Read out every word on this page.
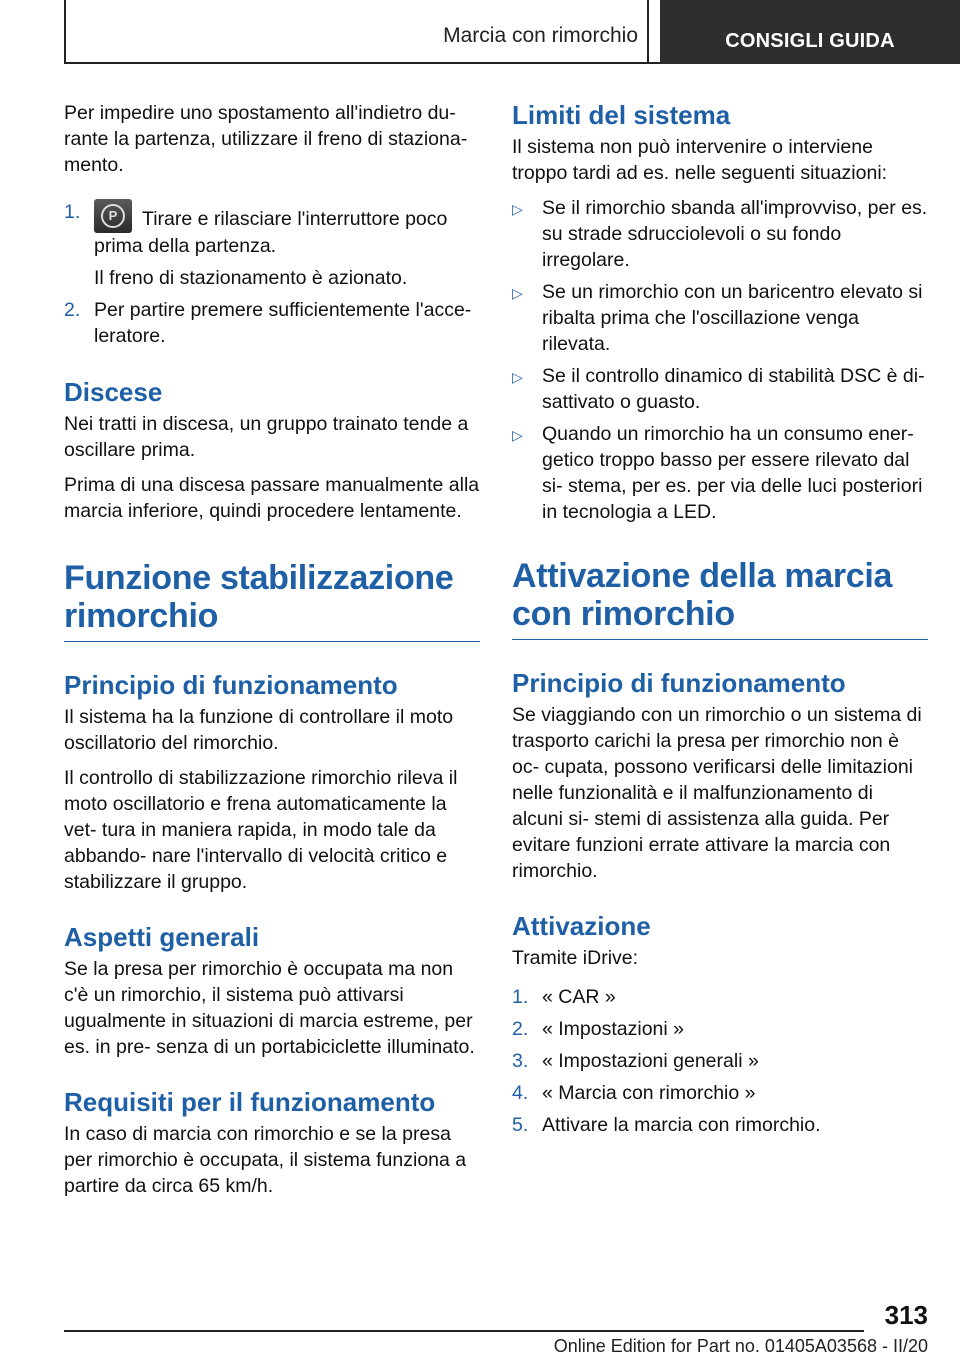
Marcia con rimorchio	CONSIGLI GUIDA

Per impedire uno spostamento all'indietro du- rante la partenza, utilizzare il freno di staziona- mento.

1.	P	Tirare e rilasciare l'interruttore poco prima della partenza.

Il freno di stazionamento è azionato.

2. Per partire premere sufficientemente l'acce- leratore.
Discese

Nei tratti in discesa, un gruppo trainato tende a oscillare prima.

Prima di una discesa passare manualmente alla marcia inferiore, quindi procedere lentamente.

Funzione stabilizzazione rimorchio
Principio di funzionamento

Il sistema ha la funzione di controllare il moto oscillatorio del rimorchio.

Il controllo di stabilizzazione rimorchio rileva il moto oscillatorio e frena automaticamente la vet- tura in maniera rapida, in modo tale da abbando- nare l'intervallo di velocità critico e stabilizzare il gruppo.

Aspetti generali

Se la presa per rimorchio è occupata ma non c'è un rimorchio, il sistema può attivarsi ugualmente in situazioni di marcia estreme, per es. in pre- senza di un portabiciclette illuminato.

Requisiti per il funzionamento

In caso di marcia con rimorchio e se la presa per rimorchio è occupata, il sistema funziona a partire da circa 65 km/h.

Limiti del sistema

Il sistema non può intervenire o interviene troppo tardi ad es. nelle seguenti situazioni:

▷ Se il rimorchio sbanda all'improvviso, per es. su strade sdrucciolevoli o su fondo irregolare.
▷ Se un rimorchio con un baricentro elevato si ribalta prima che l'oscillazione venga rilevata.
▷ Se il controllo dinamico di stabilità DSC è di- sattivato o guasto.
▷ Quando un rimorchio ha un consumo ener- getico troppo basso per essere rilevato dal si- stema, per es. per via delle luci posteriori in tecnologia a LED.
Attivazione della marcia con rimorchio
Principio di funzionamento

Se viaggiando con un rimorchio o un sistema di trasporto carichi la presa per rimorchio non è oc- cupata, possono verificarsi delle limitazioni nelle funzionalità e il malfunzionamento di alcuni si- stemi di assistenza alla guida. Per evitare funzioni errate attivare la marcia con rimorchio.

Attivazione

Tramite iDrive:

1. « CAR »
2. « Impostazioni »
3. « Impostazioni generali »
4. « Marcia con rimorchio »
5. Attivare la marcia con rimorchio.
313
Online Edition for Part no. 01405A03568 - II/20
